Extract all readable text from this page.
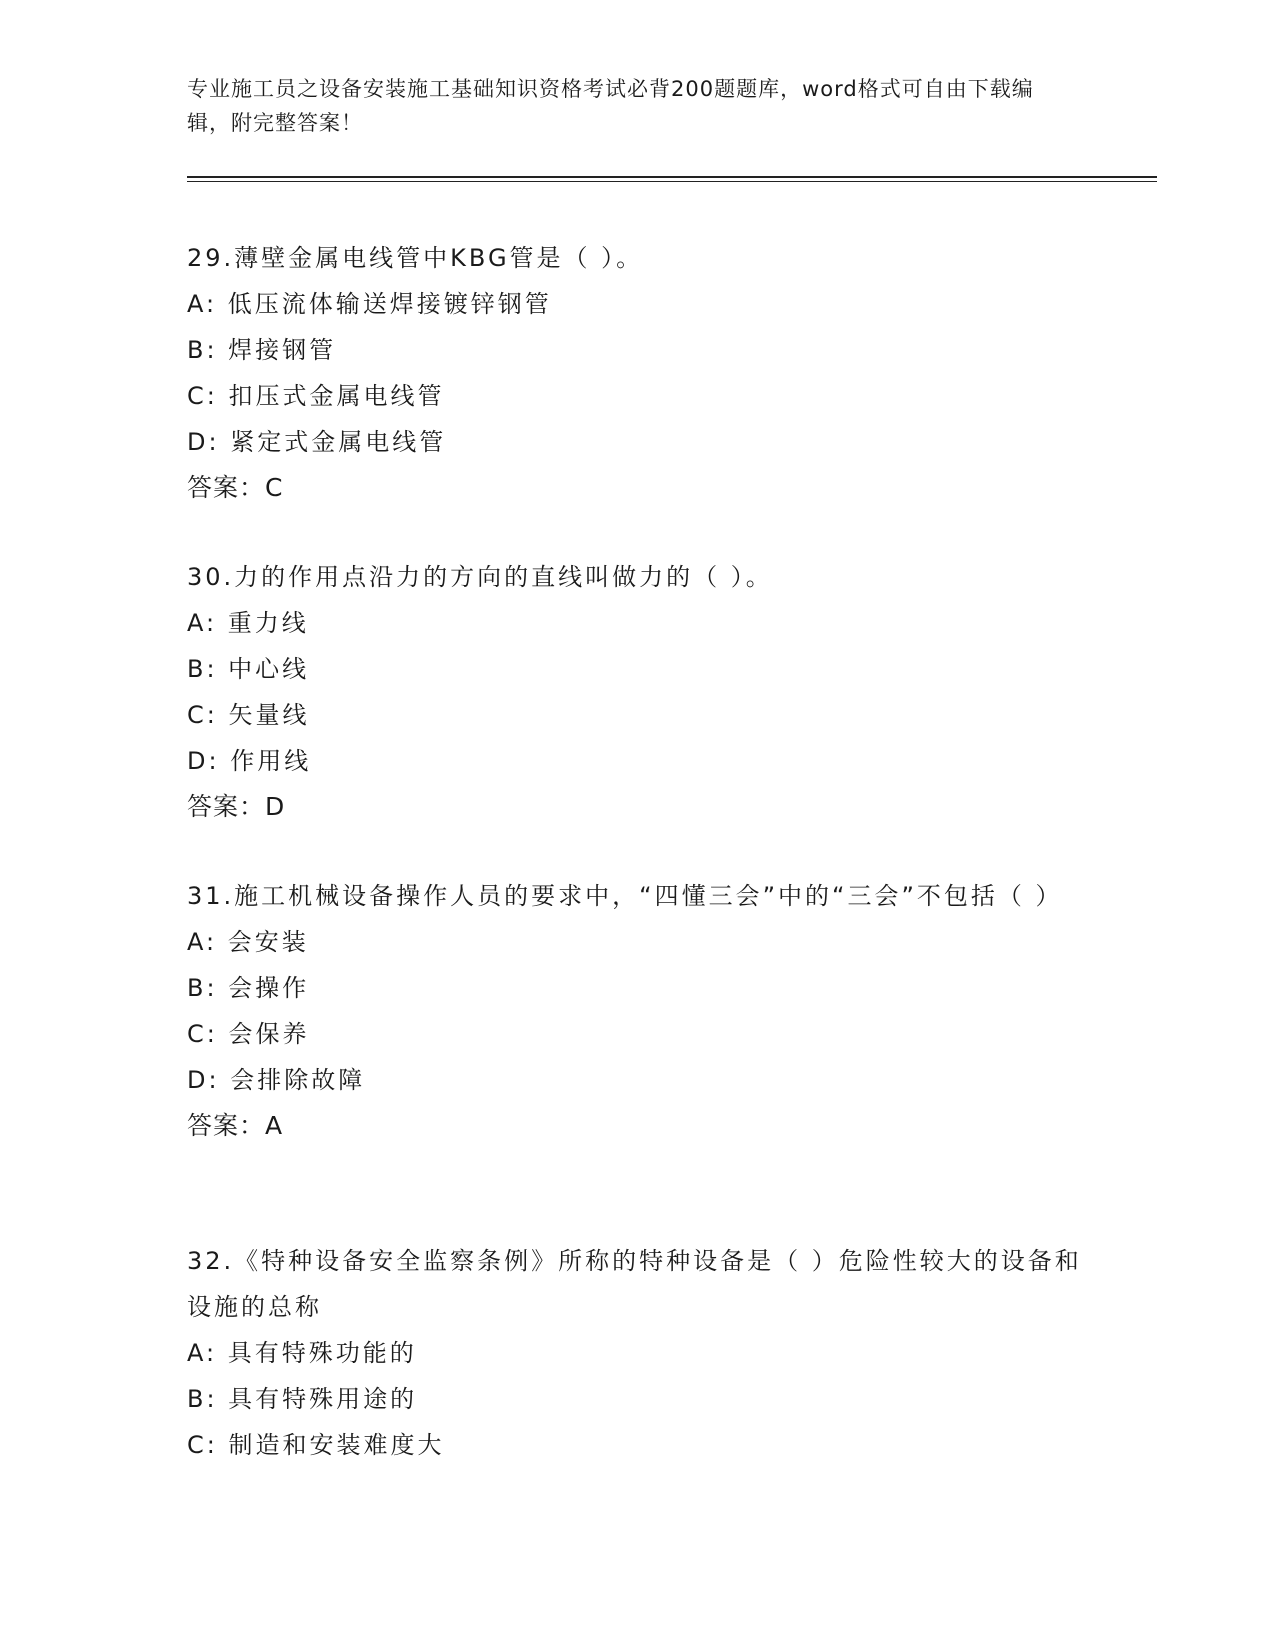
专业施工员之设备安装施工基础知识资格考试必背200题题库，word格式可自由下载编辑，附完整答案！

29.薄壁金属电线管中KBG管是（ ）。

A: 低压流体输送焊接镀锌钢管

B: 焊接钢管

C: 扣压式金属电线管

D: 紧定式金属电线管

答案：C

30.力的作用点沿力的方向的直线叫做力的（ ）。

A: 重力线

B: 中心线

C: 矢量线

D: 作用线

答案：D

31.施工机械设备操作人员的要求中，“四懂三会”中的“三会”不包括（ ）

A: 会安装

B: 会操作

C: 会保养

D: 会排除故障

答案：A

32.《特种设备安全监察条例》所称的特种设备是（ ）危险性较大的设备和设施的总称

A: 具有特殊功能的

B: 具有特殊用途的

C: 制造和安装难度大
